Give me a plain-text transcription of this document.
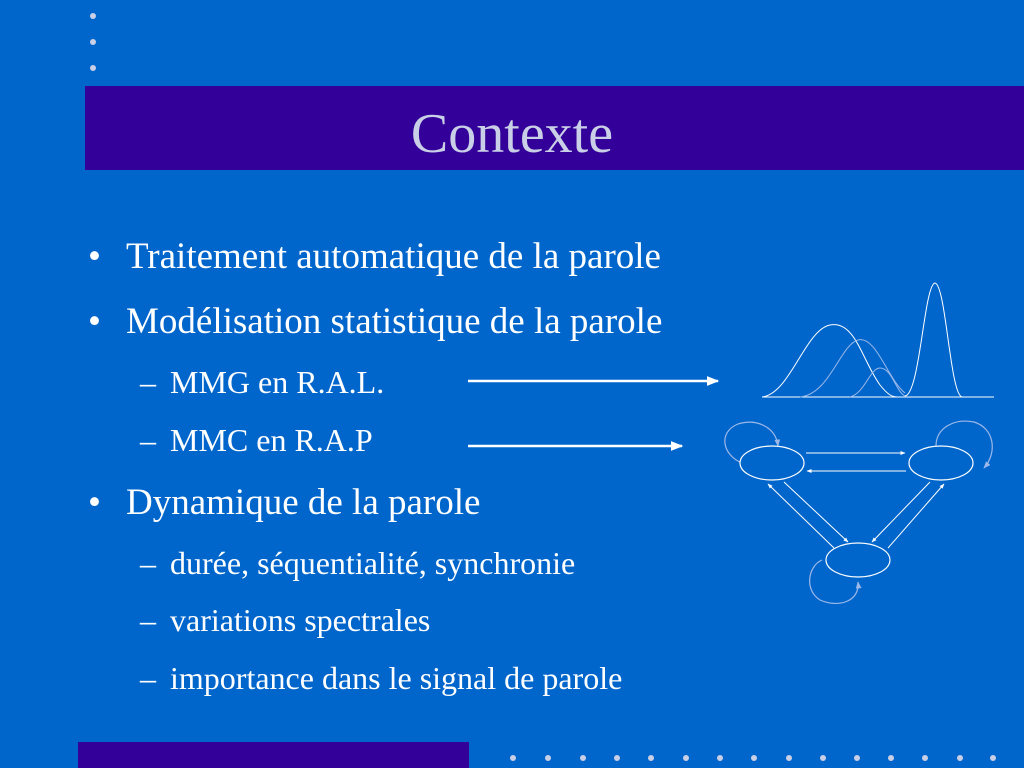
Contexte
• Traitement automatique de la parole
• Modélisation statistique de la parole
– MMG en R.A.L.
– MMC en R.A.P
• Dynamique de la parole
– durée, séquentialité, synchronie
– variations spectrales
– importance dans le signal de parole
